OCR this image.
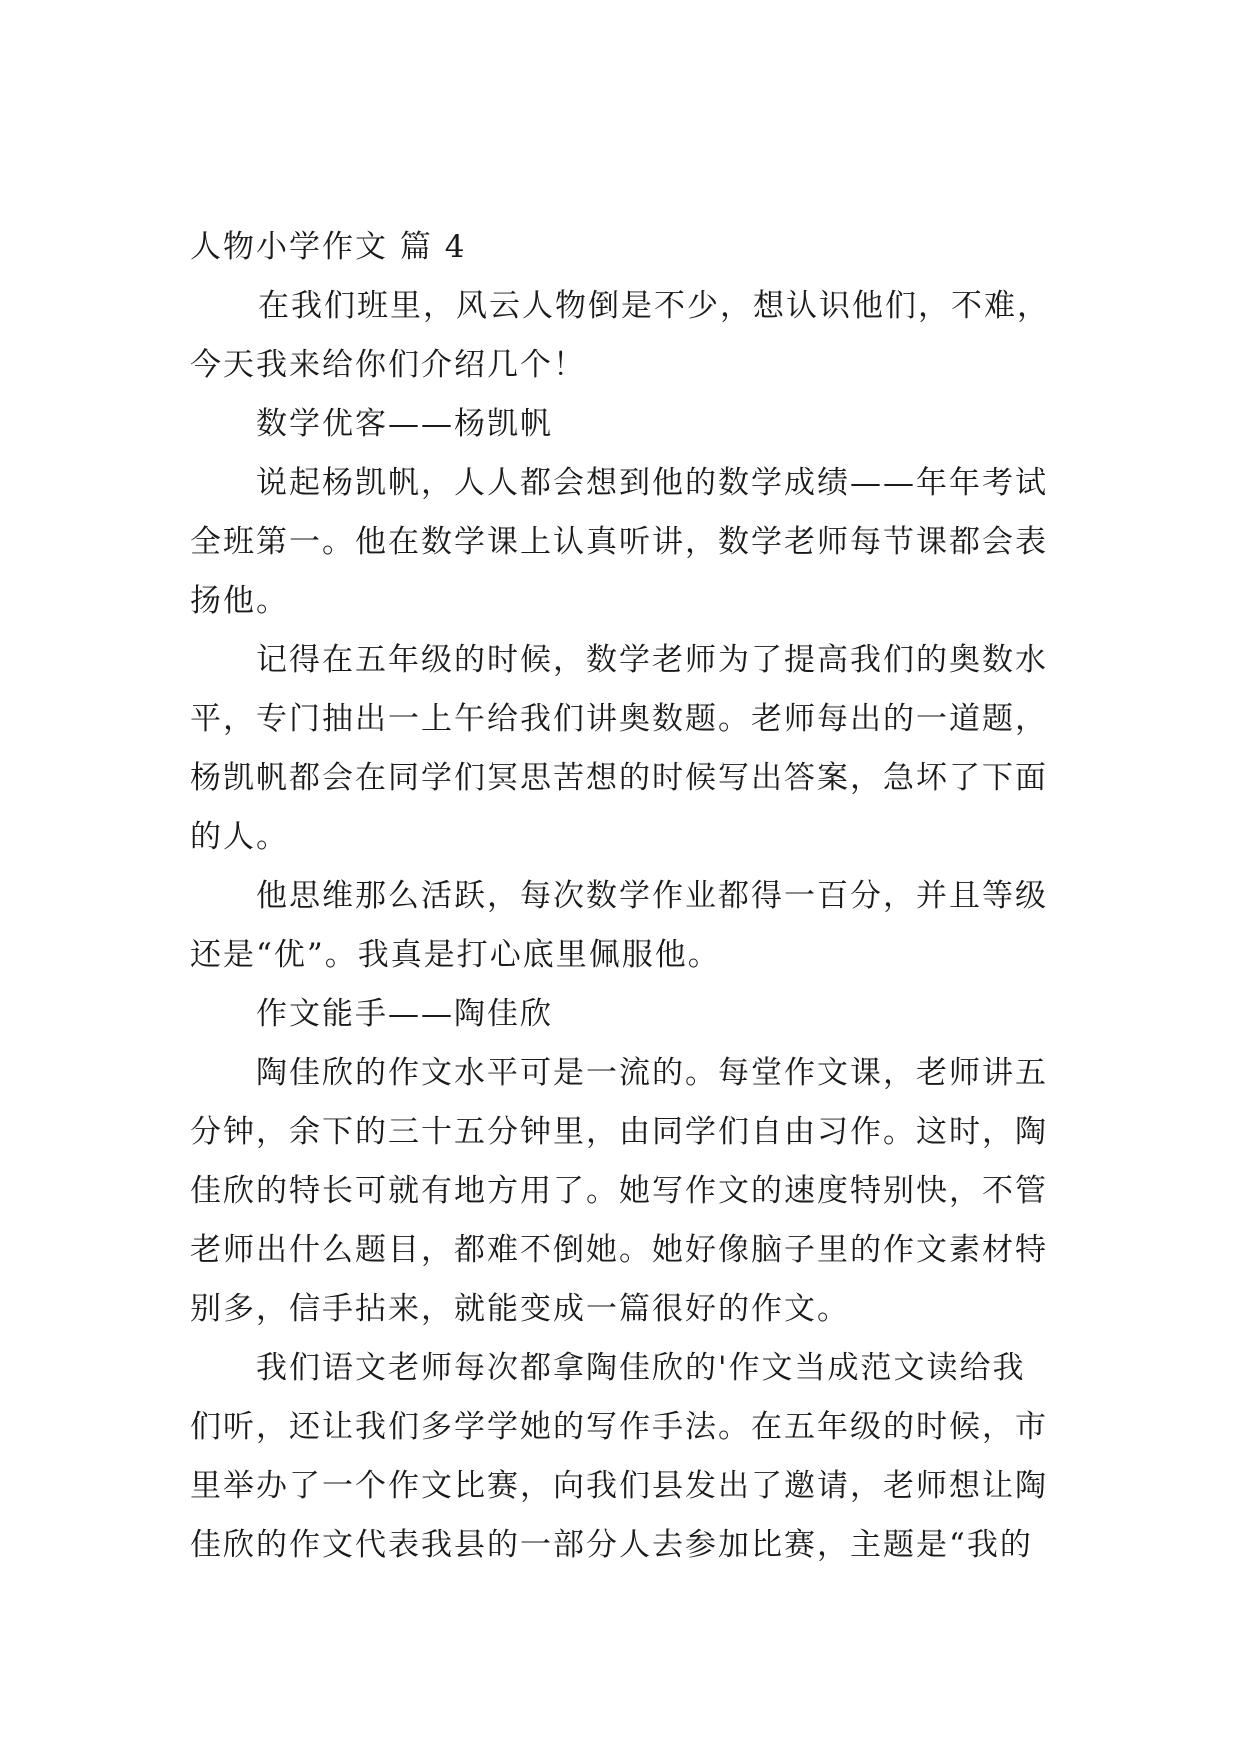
人物小学作文 篇 4
在我们班里，风云人物倒是不少，想认识他们，不难，
今天我来给你们介绍几个！
数学优客——杨凯帆
说起杨凯帆，人人都会想到他的数学成绩——年年考试
全班第一。他在数学课上认真听讲，数学老师每节课都会表
扬他。
记得在五年级的时候，数学老师为了提高我们的奥数水
平，专门抽出一上午给我们讲奥数题。老师每出的一道题，
杨凯帆都会在同学们冥思苦想的时候写出答案，急坏了下面
的人。
他思维那么活跃，每次数学作业都得一百分，并且等级
还是“优”。我真是打心底里佩服他。
作文能手——陶佳欣
陶佳欣的作文水平可是一流的。每堂作文课，老师讲五
分钟，余下的三十五分钟里，由同学们自由习作。这时，陶
佳欣的特长可就有地方用了。她写作文的速度特别快，不管
老师出什么题目，都难不倒她。她好像脑子里的作文素材特
别多，信手拈来，就能变成一篇很好的作文。
我们语文老师每次都拿陶佳欣的'作文当成范文读给我
们听，还让我们多学学她的写作手法。在五年级的时候，市
里举办了一个作文比赛，向我们县发出了邀请，老师想让陶
佳欣的作文代表我县的一部分人去参加比赛，主题是“我的
